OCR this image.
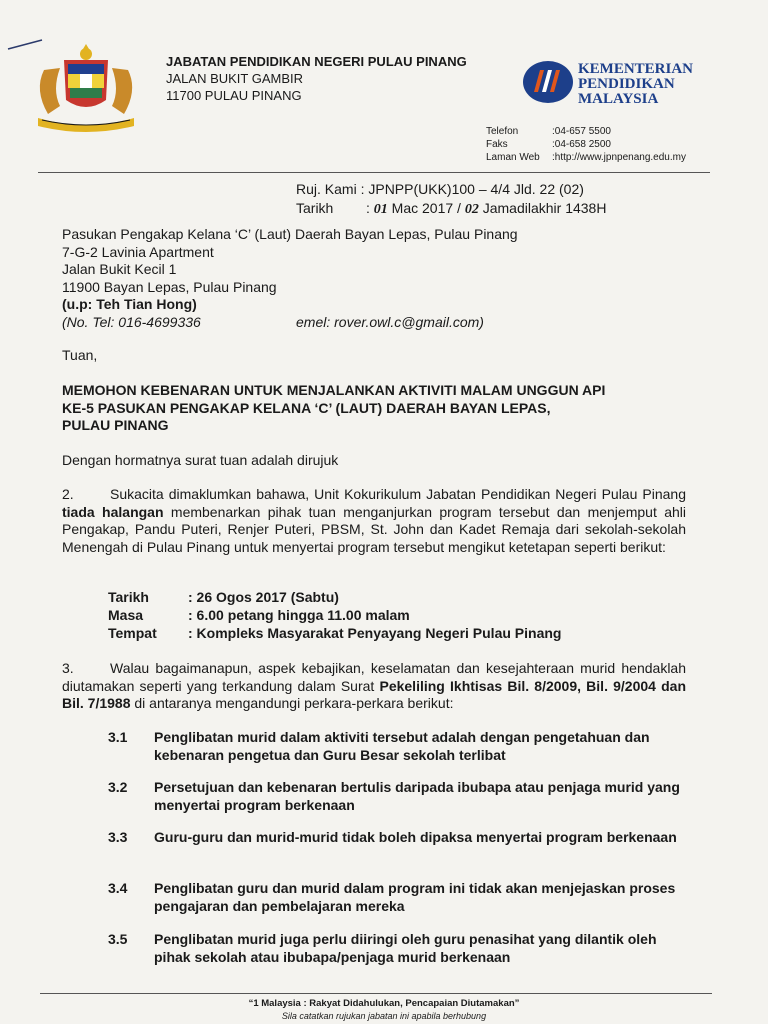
JABATAN PENDIDIKAN NEGERI PULAU PINANG
JALAN BUKIT GAMBIR
11700 PULAU PINANG
KEMENTERIAN
PENDIDIKAN
MALAYSIA
Telefon	:04-657 5500
Faks	:04-658 2500
Laman Web :http://www.jpnpenang.edu.my
Ruj. Kami : JPNPP(UKK)100 – 4/4 Jld. 22 (02)
Tarikh : 01 Mac 2017 / 02 Jamadilakhir 1438H
Pasukan Pengakap Kelana ‘C’ (Laut) Daerah Bayan Lepas, Pulau Pinang
7-G-2 Lavinia Apartment
Jalan Bukit Kecil 1
11900 Bayan Lepas, Pulau Pinang
(u.p: Teh Tian Hong)
(No. Tel: 016-4699336	emel: rover.owl.c@gmail.com)
Tuan,
MEMOHON KEBENARAN UNTUK MENJALANKAN AKTIVITI MALAM UNGGUN API
KE-5 PASUKAN PENGAKAP KELANA ‘C’ (LAUT) DAERAH BAYAN LEPAS,
PULAU PINANG
Dengan hormatnya surat tuan adalah dirujuk
2.	Sukacita dimaklumkan bahawa, Unit Kokurikulum Jabatan Pendidikan Negeri Pulau Pinang tiada halangan membenarkan pihak tuan menganjurkan program tersebut dan menjemput ahli Pengakap, Pandu Puteri, Renjer Puteri, PBSM, St. John dan Kadet Remaja dari sekolah-sekolah Menengah di Pulau Pinang untuk menyertai program tersebut mengikut ketetapan seperti berikut:
Tarikh	: 26 Ogos 2017 (Sabtu)
Masa	: 6.00 petang hingga 11.00 malam
Tempat : Kompleks Masyarakat Penyayang Negeri Pulau Pinang
3.	Walau bagaimanapun, aspek kebajikan, keselamatan dan kesejahteraan murid hendaklah diutamakan seperti yang terkandung dalam Surat Pekeliling Ikhtisas Bil. 8/2009, Bil. 9/2004 dan Bil. 7/1988 di antaranya mengandungi perkara-perkara berikut:
3.1 Penglibatan murid dalam aktiviti tersebut adalah dengan pengetahuan dan kebenaran pengetua dan Guru Besar sekolah terlibat
3.2 Persetujuan dan kebenaran bertulis daripada ibubapa atau penjaga murid yang menyertai program berkenaan
3.3 Guru-guru dan murid-murid tidak boleh dipaksa menyertai program berkenaan
3.4 Penglibatan guru dan murid dalam program ini tidak akan menjejaskan proses pengajaran dan pembelajaran mereka
3.5 Penglibatan murid juga perlu diiringi oleh guru penasihat yang dilantik oleh pihak sekolah atau ibubapa/penjaga murid berkenaan
“1 Malaysia : Rakyat Didahulukan, Pencapaian Diutamakan”
Sila catatkan rujukan jabatan ini apabila berhubung
